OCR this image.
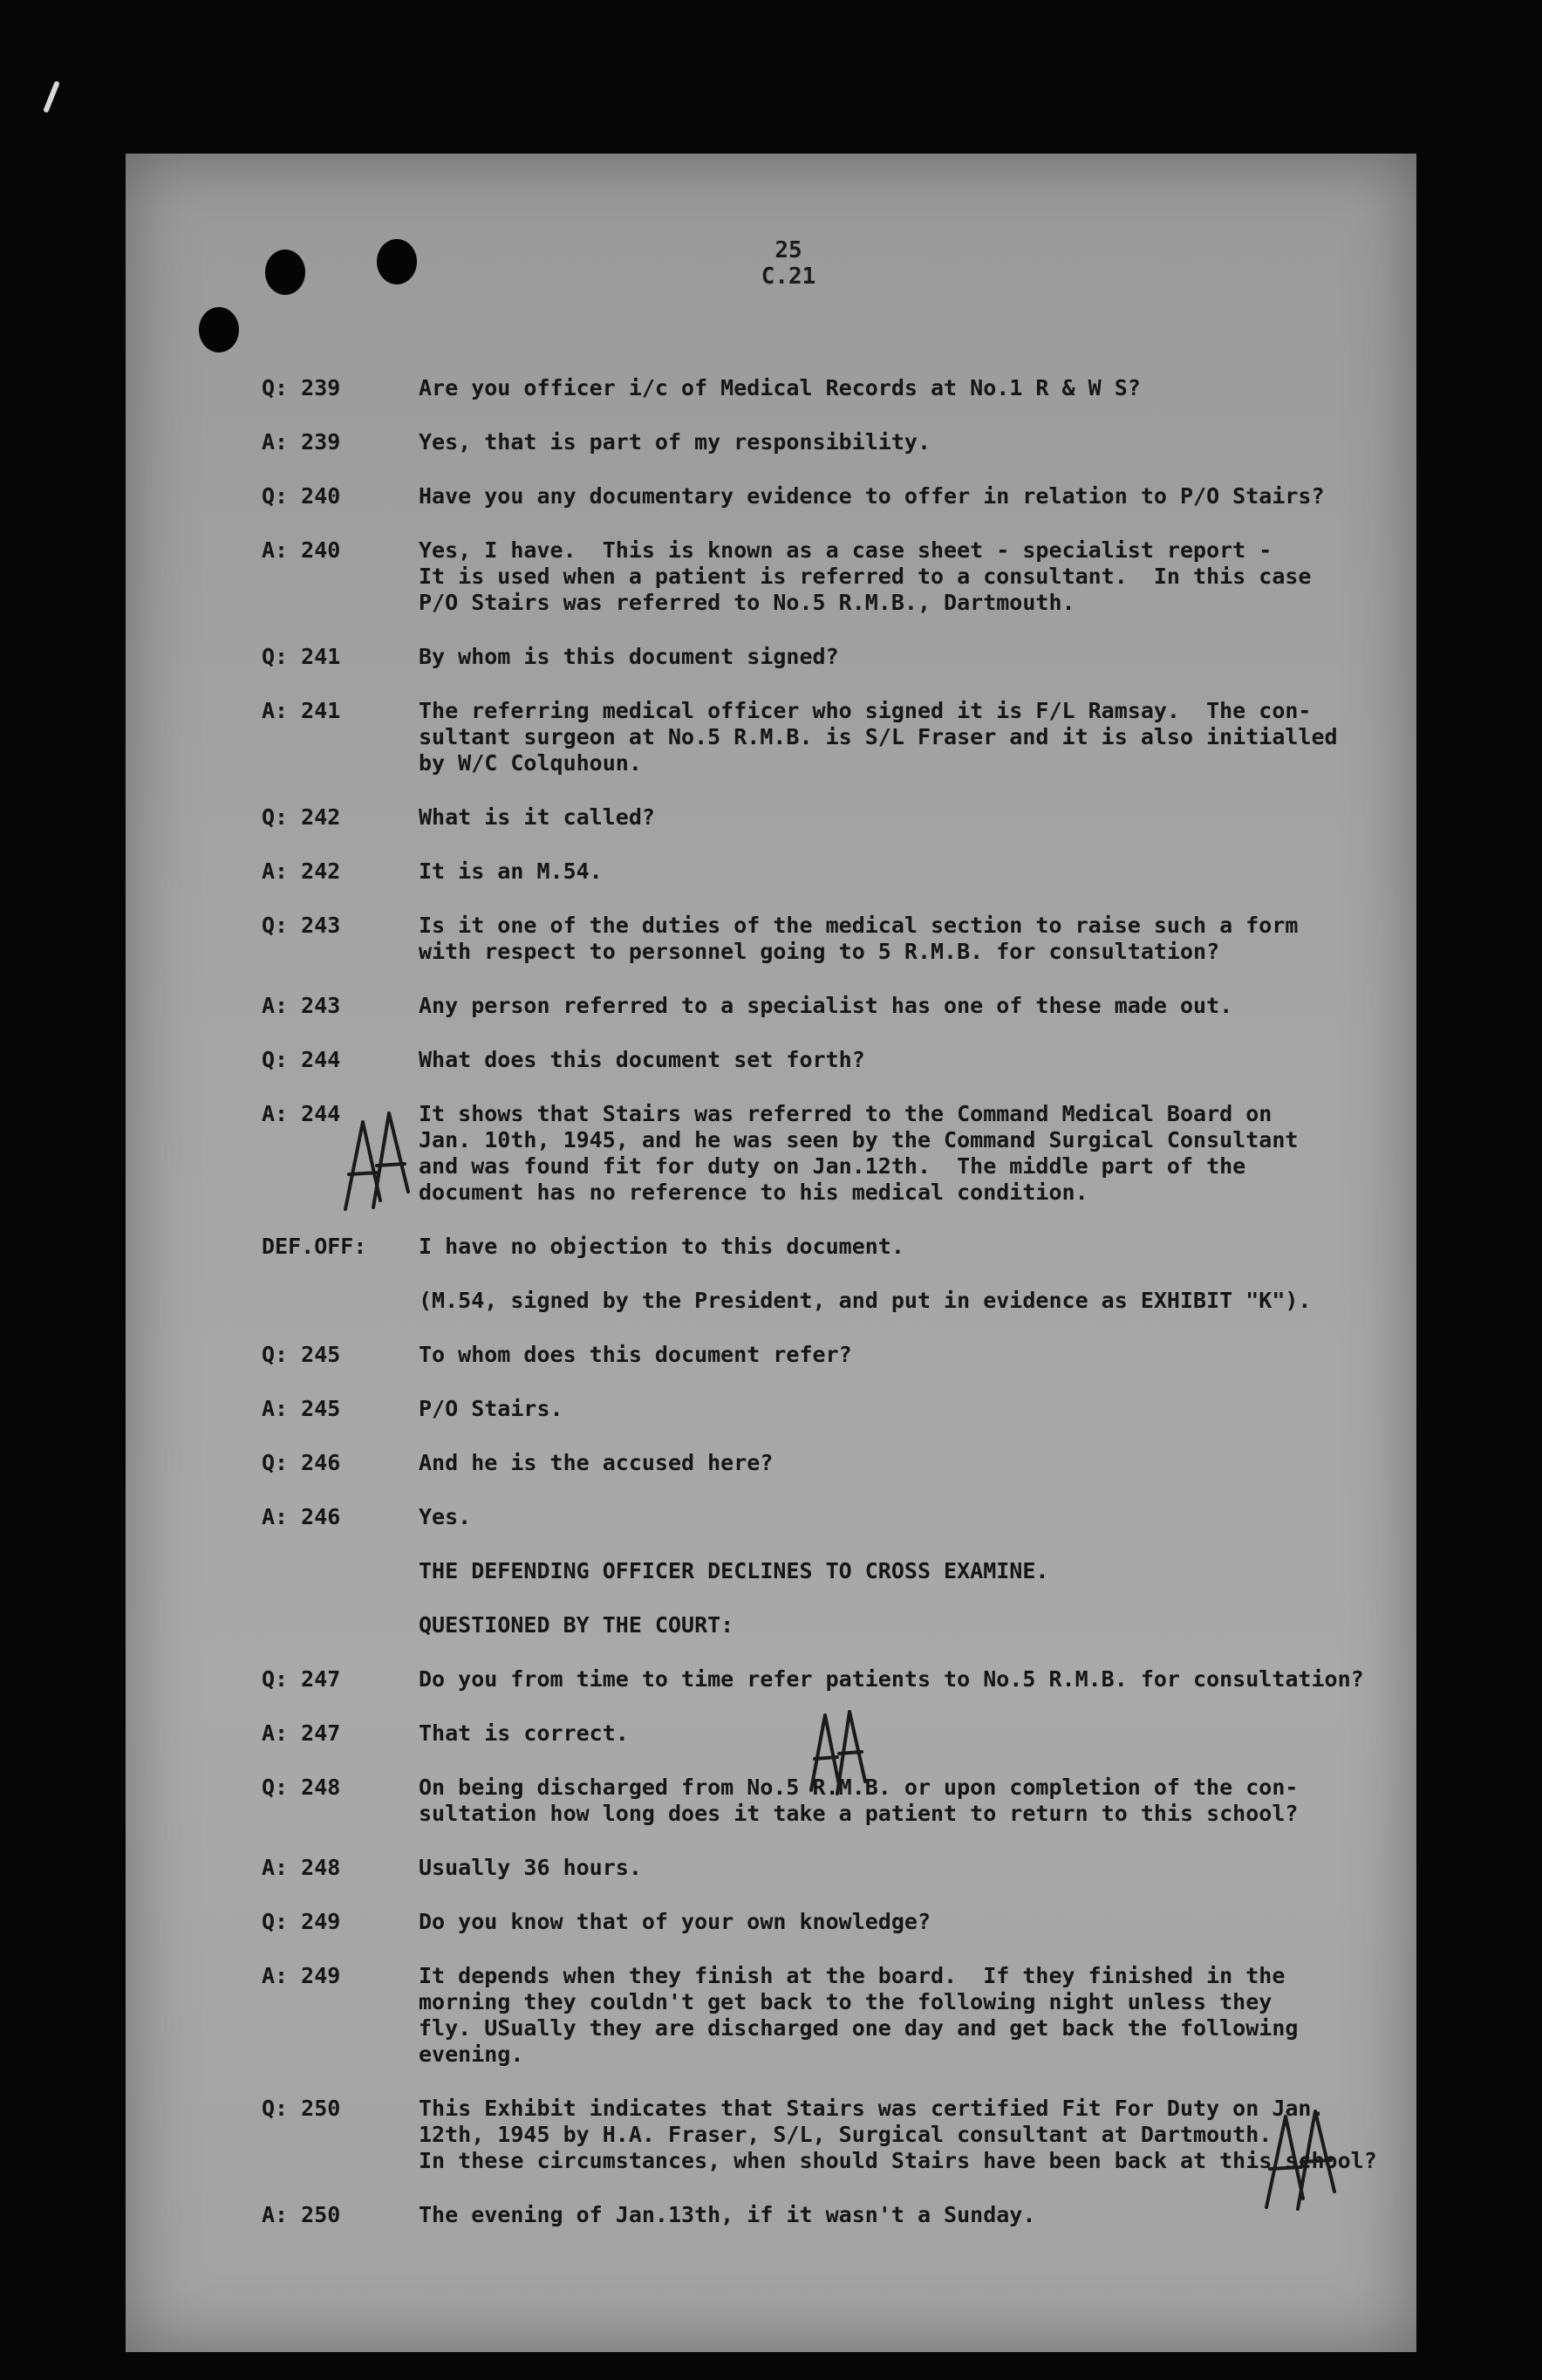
25
C.21
Q: 239	Are you officer i/c of Medical Records at No.1 R & W S?
A: 239	Yes, that is part of my responsibility.
Q: 240	Have you any documentary evidence to offer in relation to P/O Stairs?
A: 240	Yes, I have.  This is known as a case sheet - specialist report -
It is used when a patient is referred to a consultant.  In this case
P/O Stairs was referred to No.5 R.M.B., Dartmouth.
Q: 241	By whom is this document signed?
A: 241	The referring medical officer who signed it is F/L Ramsay.  The con-
sultant surgeon at No.5 R.M.B. is S/L Fraser and it is also initialled
by W/C Colquhoun.
Q: 242	What is it called?
A: 242	It is an M.54.
Q: 243	Is it one of the duties of the medical section to raise such a form
with respect to personnel going to 5 R.M.B. for consultation?
A: 243	Any person referred to a specialist has one of these made out.
Q: 244	What does this document set forth?
A: 244	It shows that Stairs was referred to the Command Medical Board on
Jan. 10th, 1945, and he was seen by the Command Surgical Consultant
and was found fit for duty on Jan.12th.  The middle part of the
document has no reference to his medical condition.
DEF.OFF:	I have no objection to this document.
(M.54, signed by the President, and put in evidence as EXHIBIT "K").
Q: 245	To whom does this document refer?
A: 245	P/O Stairs.
Q: 246	And he is the accused here?
A: 246	Yes.
THE DEFENDING OFFICER DECLINES TO CROSS EXAMINE.
QUESTIONED BY THE COURT:
Q: 247	Do you from time to time refer patients to No.5 R.M.B. for consultation?
A: 247	That is correct.
Q: 248	On being discharged from No.5 R.M.B. or upon completion of the con-
sultation how long does it take a patient to return to this school?
A: 248	Usually 36 hours.
Q: 249	Do you know that of your own knowledge?
A: 249	It depends when they finish at the board.  If they finished in the
morning they couldn't get back to the following night unless they
fly. USually they are discharged one day and get back the following
evening.
Q: 250	This Exhibit indicates that Stairs was certified Fit For Duty on Jan.
12th, 1945 by H.A. Fraser, S/L, Surgical consultant at Dartmouth.
In these circumstances, when should Stairs have been back at this school?
A: 250	The evening of Jan.13th, if it wasn't a Sunday.
